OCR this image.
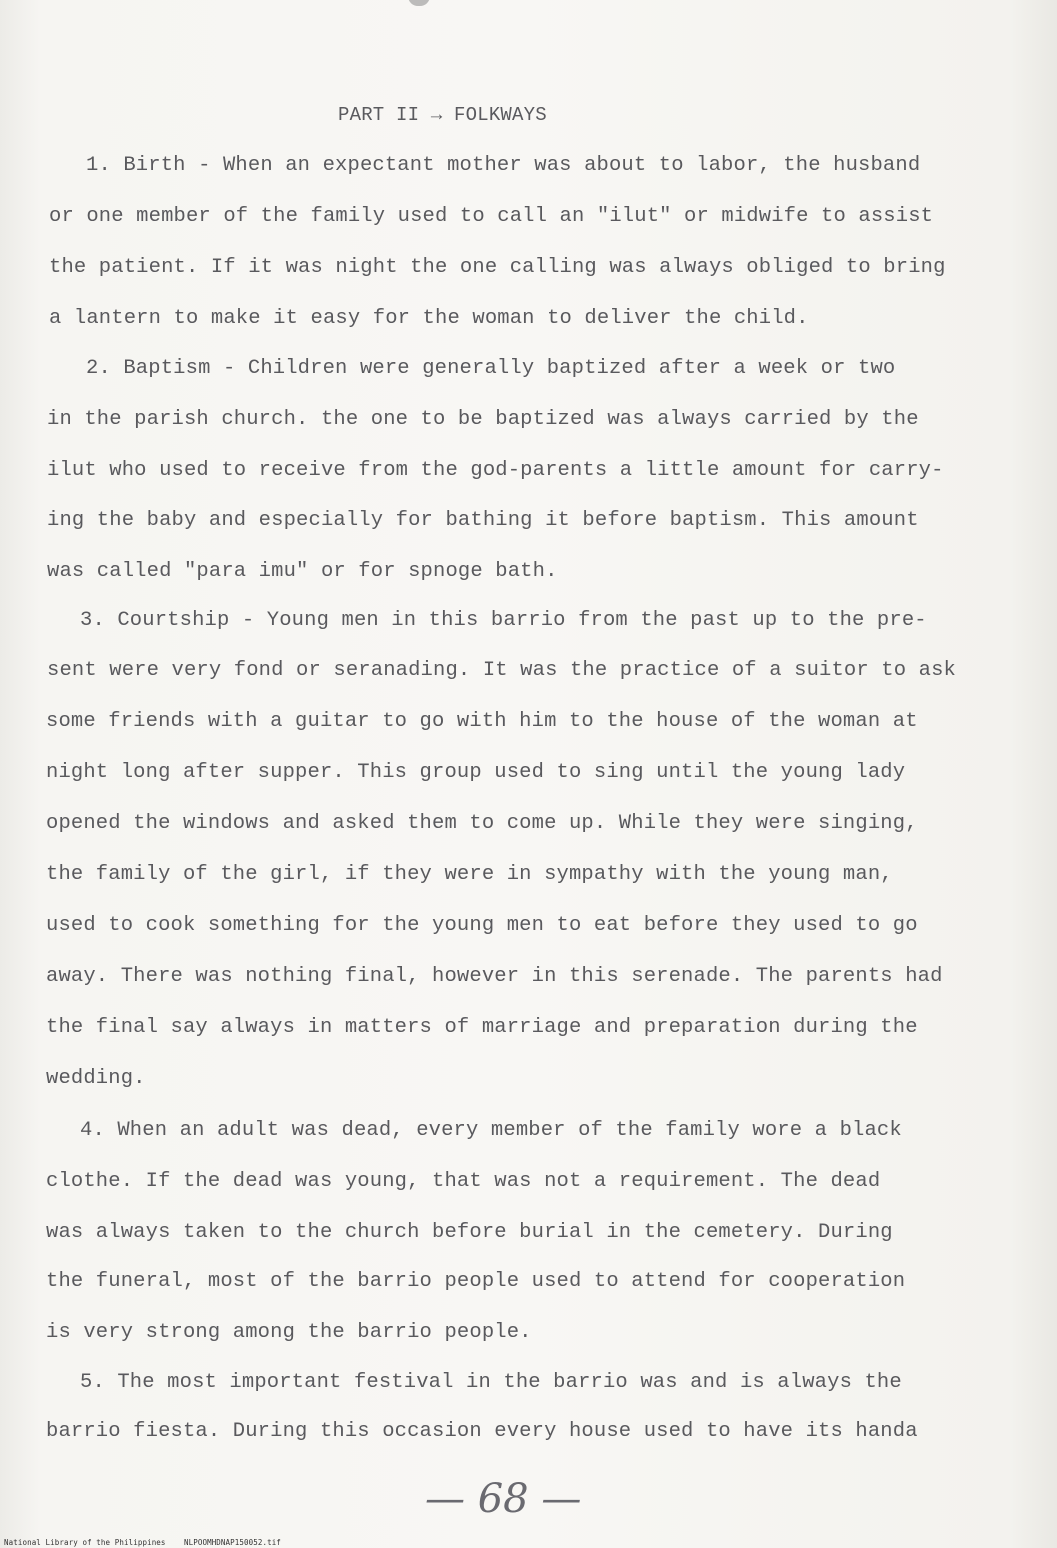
PART II → FOLKWAYS
1. Birth - When an expectant mother was about to labor, the husband
or one member of the family used to call an "ilut" or midwife to assist
the patient. If it was night the one calling was always obliged to bring
a lantern to make it easy for the woman to deliver the child.
2. Baptism - Children were generally baptized after a week or two
in the parish church. the one to be baptized was always carried by the
ilut who used to receive from the god-parents a little amount for carry-
ing the baby and especially for bathing it before baptism. This amount
was called "para imu" or for spnoge bath.
3. Courtship - Young men in this barrio from the past up to the pre-
sent were very fond or seranading. It was the practice of a suitor to ask
some friends with a guitar to go with him to the house of the woman at
night long after supper. This group used to sing until the young lady
opened the windows and asked them to come up. While they were singing,
the family of the girl, if they were in sympathy with the young man,
used to cook something for the young men to eat before they used to go
away. There was nothing final, however in this serenade. The parents had
the final say always in matters of marriage and preparation during the
wedding.
4. When an adult was dead, every member of the family wore a black
clothe. If the dead was young, that was not a requirement. The dead
was always taken to the church before burial in the cemetery. During
the funeral, most of the barrio people used to attend for cooperation
is very strong among the barrio people.
5. The most important festival in the barrio was and is always the
barrio fiesta. During this occasion every house used to have its handa
— 68 —
National Library of the Philippines    NLPOOMHDNAP150052.tif
